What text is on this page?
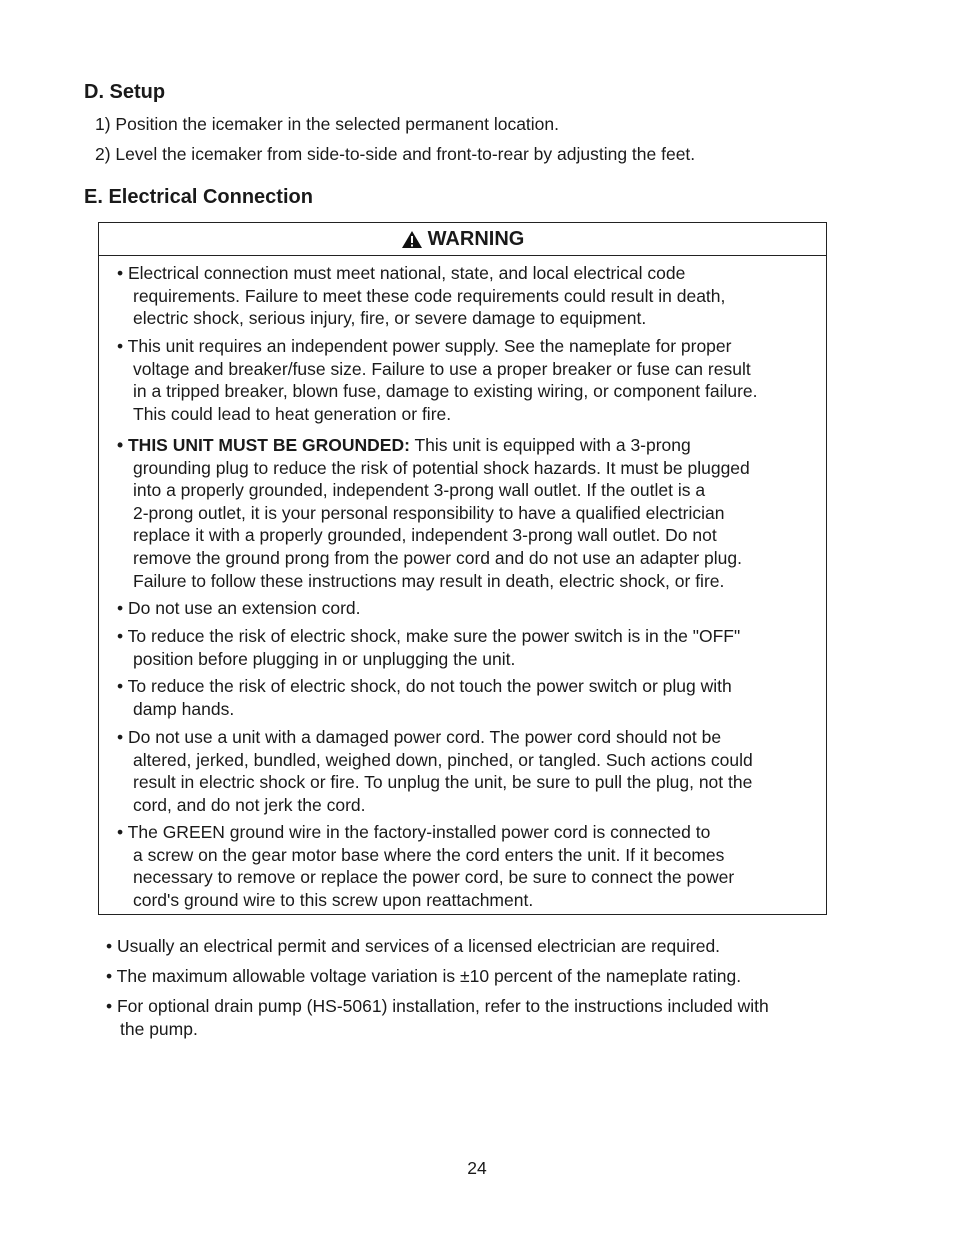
D. Setup
1) Position the icemaker in the selected permanent location.
2) Level the icemaker from side-to-side and front-to-rear by adjusting the feet.
E. Electrical Connection
WARNING
• Electrical connection must meet national, state, and local electrical code
requirements. Failure to meet these code requirements could result in death,
electric shock, serious injury, fire, or severe damage to equipment.
• This unit requires an independent power supply. See the nameplate for proper
voltage and breaker/fuse size. Failure to use a proper breaker or fuse can result
in a tripped breaker, blown fuse, damage to existing wiring, or component failure.
This could lead to heat generation or fire.
• THIS UNIT MUST BE GROUNDED: This unit is equipped with a 3-prong
grounding plug to reduce the risk of potential shock hazards. It must be plugged
into a properly grounded, independent 3-prong wall outlet. If the outlet is a
2-prong outlet, it is your personal responsibility to have a qualified electrician
replace it with a properly grounded, independent 3-prong wall outlet. Do not
remove the ground prong from the power cord and do not use an adapter plug.
Failure to follow these instructions may result in death, electric shock, or fire.
• Do not use an extension cord.
• To reduce the risk of electric shock, make sure the power switch is in the "OFF"
position before plugging in or unplugging the unit.
• To reduce the risk of electric shock, do not touch the power switch or plug with
damp hands.
• Do not use a unit with a damaged power cord. The power cord should not be
altered, jerked, bundled, weighed down, pinched, or tangled. Such actions could
result in electric shock or fire. To unplug the unit, be sure to pull the plug, not the
cord, and do not jerk the cord.
• The GREEN ground wire in the factory-installed power cord is connected to
a screw on the gear motor base where the cord enters the unit. If it becomes
necessary to remove or replace the power cord, be sure to connect the power
cord's ground wire to this screw upon reattachment.
• Usually an electrical permit and services of a licensed electrician are required.
• The maximum allowable voltage variation is ±10 percent of the nameplate rating.
• For optional drain pump (HS-5061) installation, refer to the instructions included with
the pump.
24
